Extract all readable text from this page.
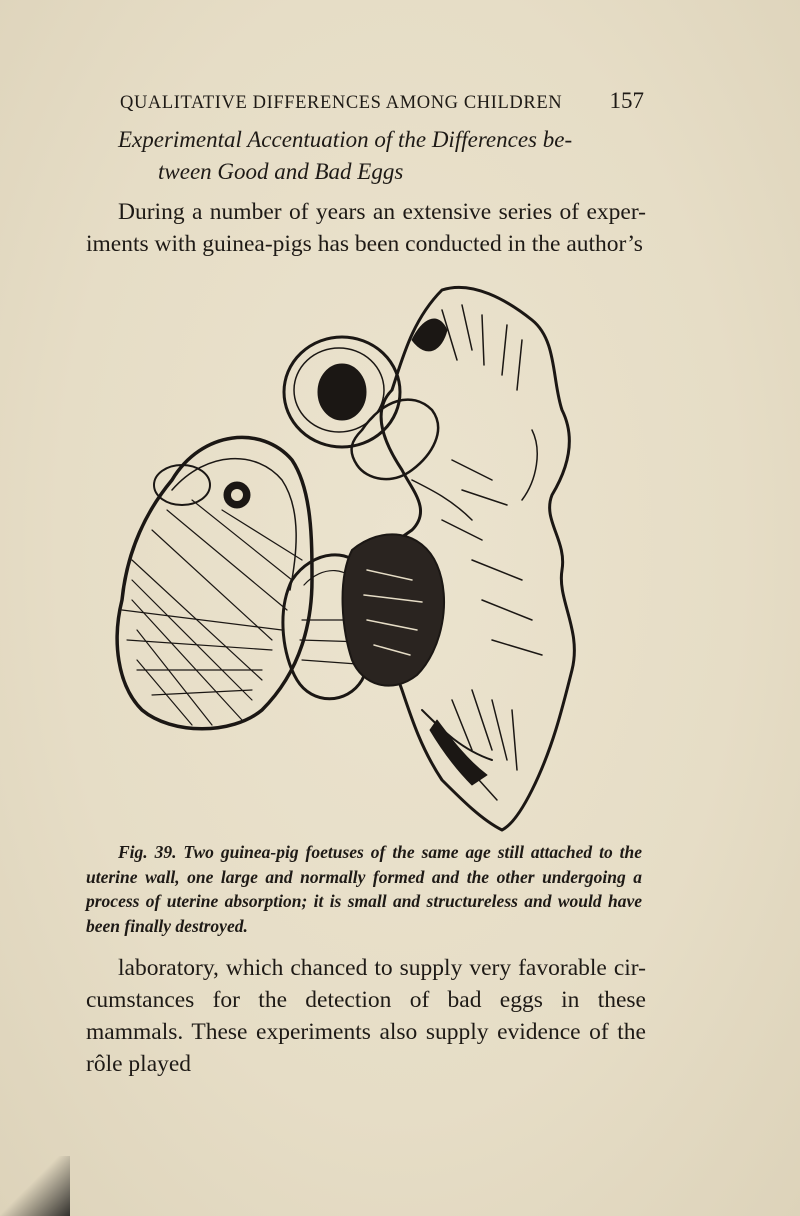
QUALITATIVE DIFFERENCES AMONG CHILDREN 157
Experimental Accentuation of the Differences be-
tween Good and Bad Eggs
During a number of years an extensive series of exper- iments with guinea-pigs has been conducted in the author’s
Fig. 39. Two guinea-pig foetuses of the same age still attached to the uterine wall, one large and normally formed and the other undergoing a process of uterine absorption; it is small and structureless and would have been finally destroyed.
laboratory, which chanced to supply very favorable cir- cumstances for the detection of bad eggs in these mammals. These experiments also supply evidence of the rôle played
